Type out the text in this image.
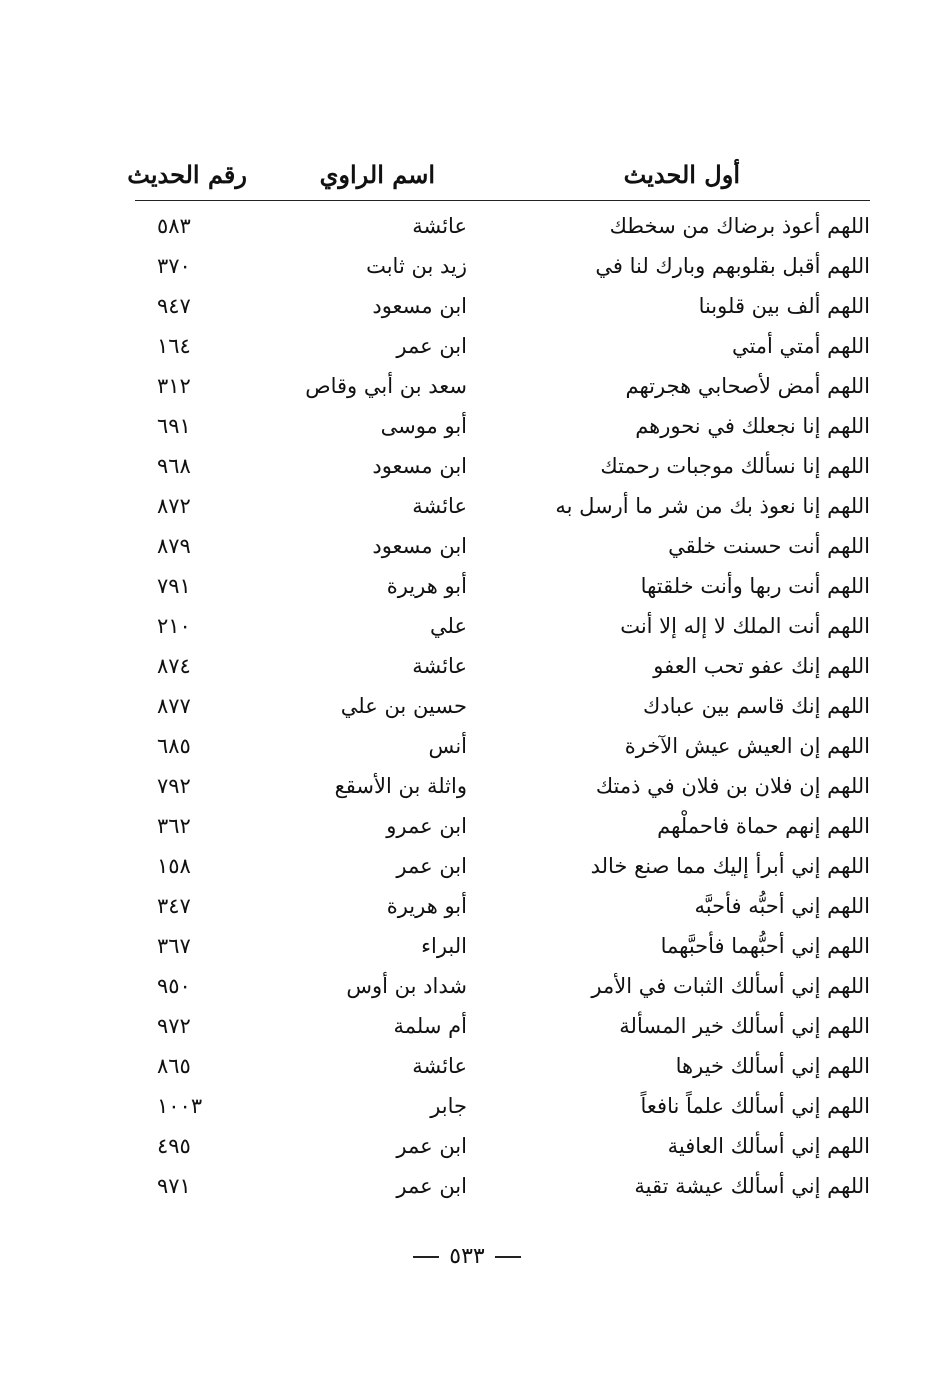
أول الحديث
اسم الراوي
رقم الحديث
اللهم أعوذ برضاك من سخطك
عائشة
٥٨٣
اللهم أقبل بقلوبهم وبارك لنا في
زيد بن ثابت
٣٧٠
اللهم ألف بين قلوبنا
ابن مسعود
٩٤٧
اللهم أمتي أمتي
ابن عمر
١٦٤
اللهم أمض لأصحابي هجرتهم
سعد بن أبي وقاص
٣١٢
اللهم إنا نجعلك في نحورهم
أبو موسى
٦٩١
اللهم إنا نسألك موجبات رحمتك
ابن مسعود
٩٦٨
اللهم إنا نعوذ بك من شر ما أرسل به
عائشة
٨٧٢
اللهم أنت حسنت خلقي
ابن مسعود
٨٧٩
اللهم أنت ربها وأنت خلقتها
أبو هريرة
٧٩١
اللهم أنت الملك لا إله إلا أنت
علي
٢١٠
اللهم إنك عفو تحب العفو
عائشة
٨٧٤
اللهم إنك قاسم بين عبادك
حسين بن علي
٨٧٧
اللهم إن العيش عيش الآخرة
أنس
٦٨٥
اللهم إن فلان بن فلان في ذمتك
واثلة بن الأسقع
٧٩٢
اللهم إنهم حماة فاحملْهم
ابن عمرو
٣٦٢
اللهم إني أبرأ إليك مما صنع خالد
ابن عمر
١٥٨
اللهم إني أحبُّه فأحبَّه
أبو هريرة
٣٤٧
اللهم إني أحبُّهما فأحبَّهما
البراء
٣٦٧
اللهم إني أسألك الثبات في الأمر
شداد بن أوس
٩٥٠
اللهم إني أسألك خير المسألة
أم سلمة
٩٧٢
اللهم إني أسألك خيرها
عائشة
٨٦٥
اللهم إني أسألك علماً نافعاً
جابر
١٠٠٣
اللهم إني أسألك العافية
ابن عمر
٤٩٥
اللهم إني أسألك عيشة تقية
ابن عمر
٩٧١
٥٣٣
